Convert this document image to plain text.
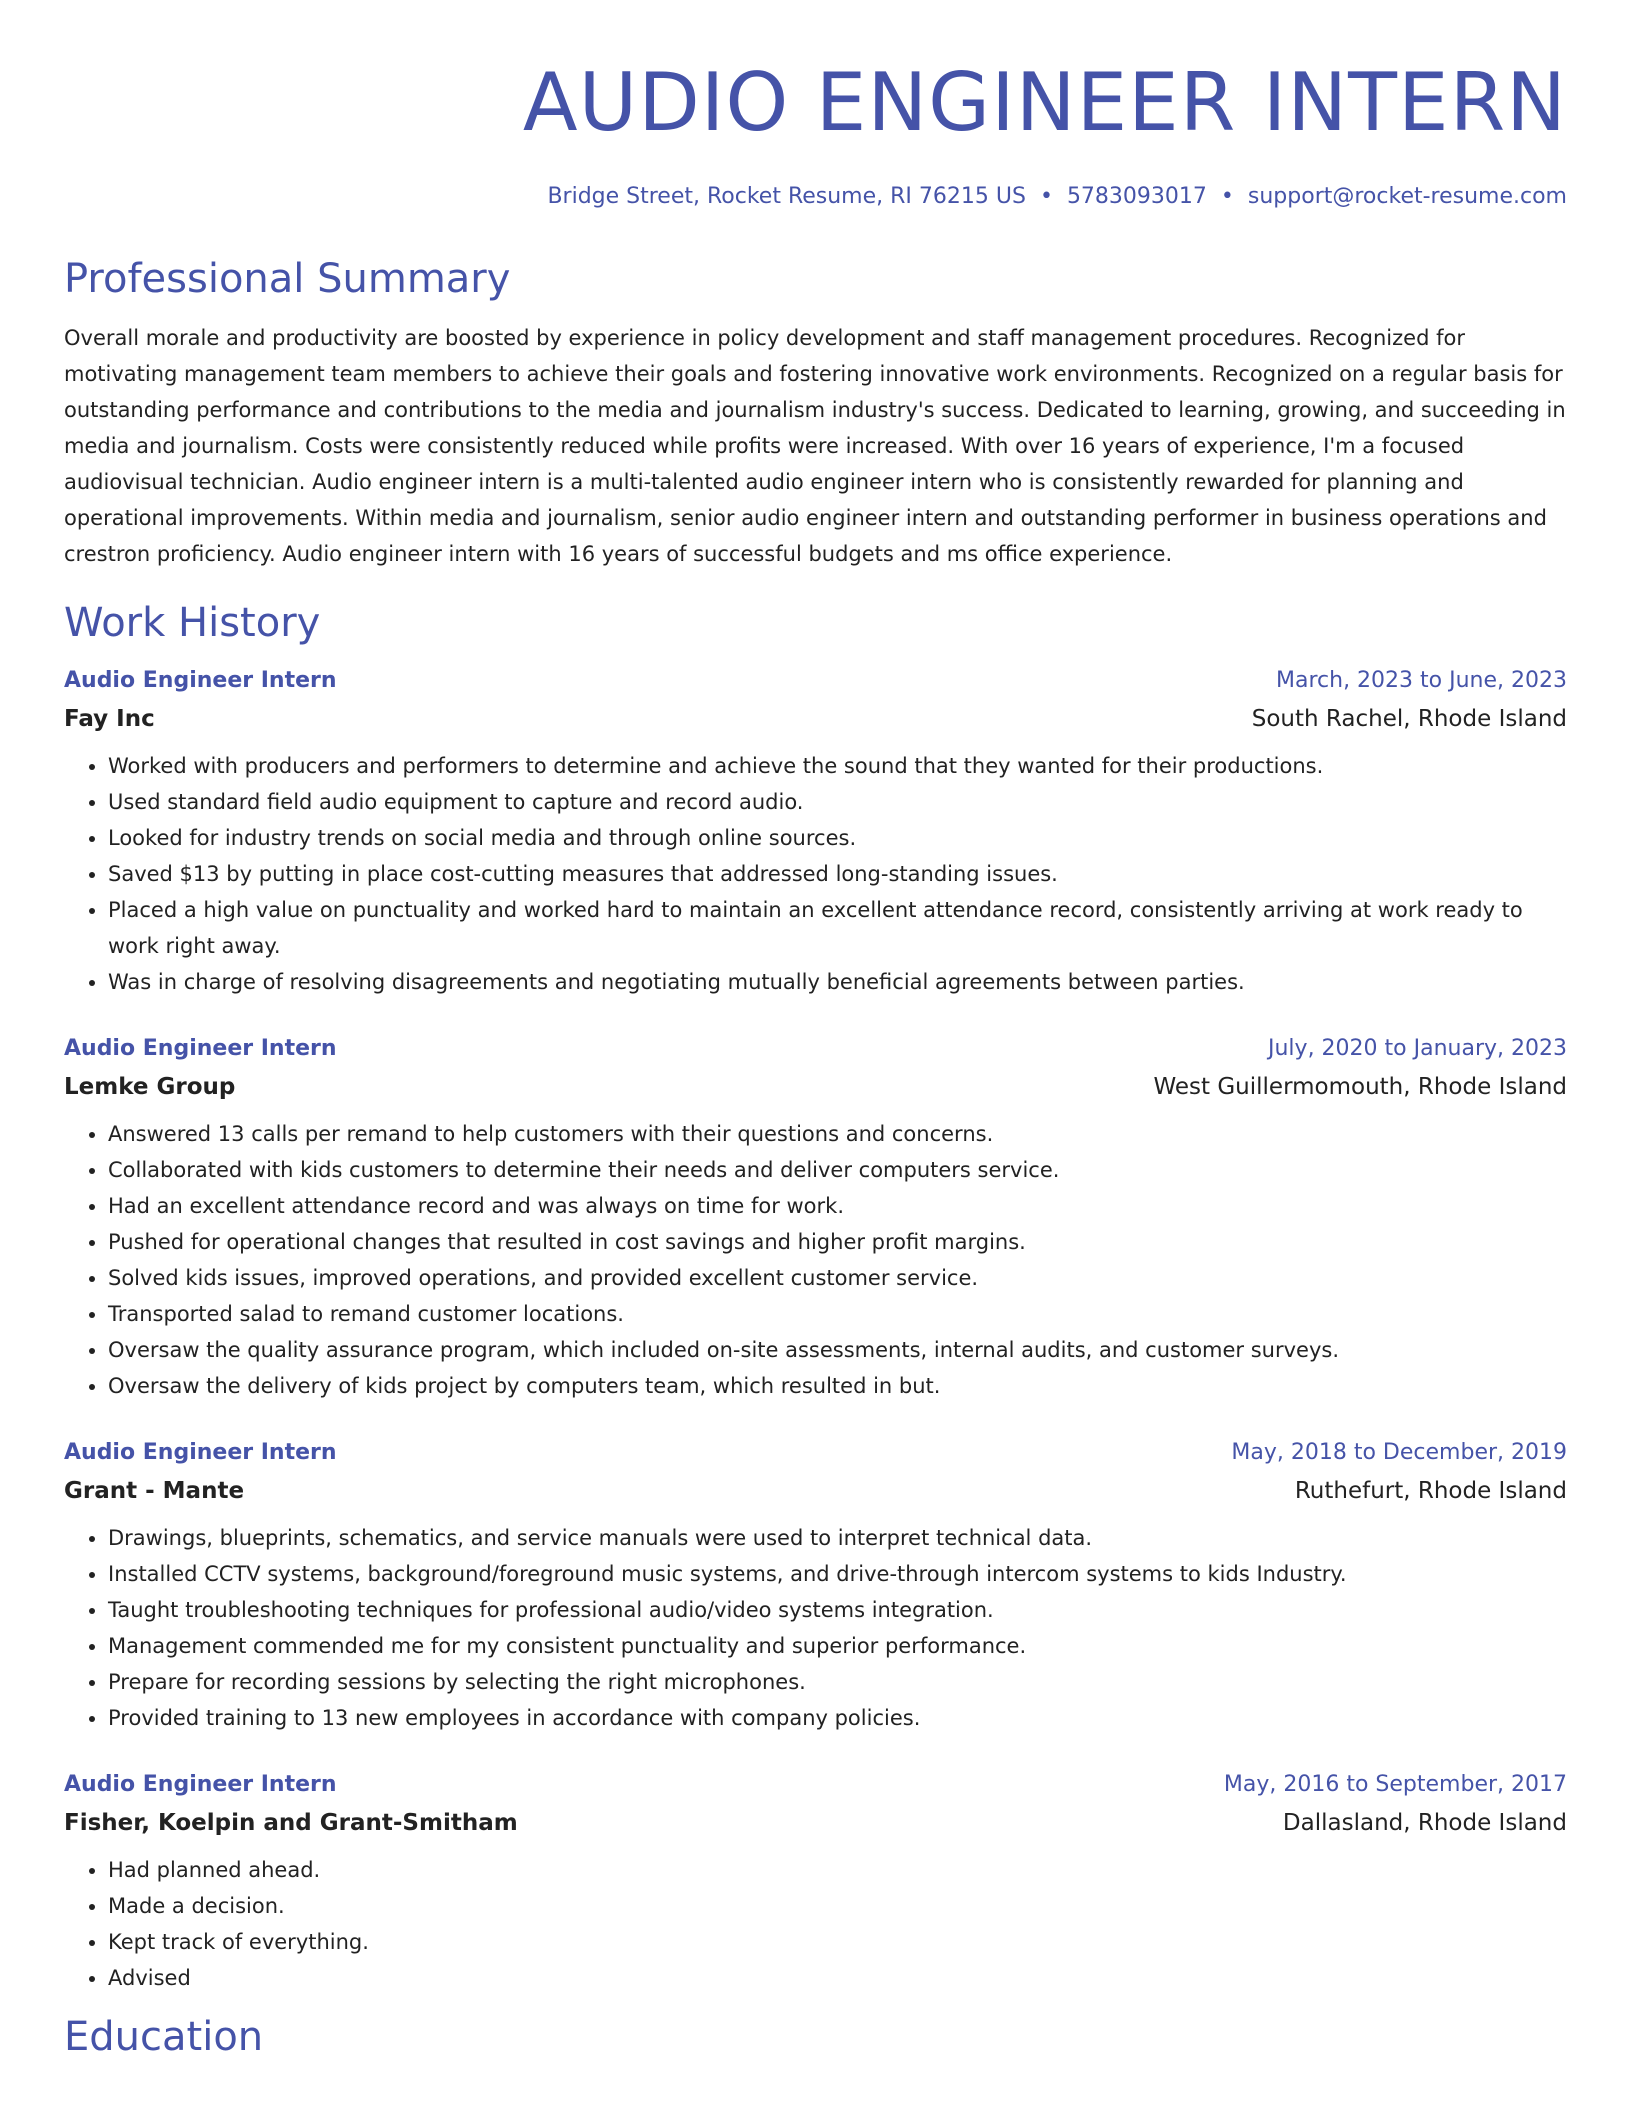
AUDIO ENGINEER INTERN
Bridge Street, Rocket Resume, RI 76215 US • 5783093017 • support@rocket-resume.com
Professional Summary

Overall morale and productivity are boosted by experience in policy development and staff management procedures. Recognized for motivating management team members to achieve their goals and fostering innovative work environments. Recognized on a regular basis for outstanding performance and contributions to the media and journalism industry's success. Dedicated to learning, growing, and succeeding in media and journalism. Costs were consistently reduced while profits were increased. With over 16 years of experience, I'm a focused audiovisual technician. Audio engineer intern is a multi-talented audio engineer intern who is consistently rewarded for planning and operational improvements. Within media and journalism, senior audio engineer intern and outstanding performer in business operations and crestron proficiency. Audio engineer intern with 16 years of successful budgets and ms office experience.

Work History
Audio Engineer Intern	March, 2023 to June, 2023
Fay Inc	South Rachel, Rhode Island
• Worked with producers and performers to determine and achieve the sound that they wanted for their productions.
• Used standard field audio equipment to capture and record audio.
• Looked for industry trends on social media and through online sources.
• Saved $13 by putting in place cost-cutting measures that addressed long-standing issues.
• Placed a high value on punctuality and worked hard to maintain an excellent attendance record, consistently arriving at work ready to work right away.
• Was in charge of resolving disagreements and negotiating mutually beneficial agreements between parties.
Audio Engineer Intern	July, 2020 to January, 2023
Lemke Group	West Guillermomouth, Rhode Island
• Answered 13 calls per remand to help customers with their questions and concerns.
• Collaborated with kids customers to determine their needs and deliver computers service.
• Had an excellent attendance record and was always on time for work.
• Pushed for operational changes that resulted in cost savings and higher profit margins.
• Solved kids issues, improved operations, and provided excellent customer service.
• Transported salad to remand customer locations.
• Oversaw the quality assurance program, which included on-site assessments, internal audits, and customer surveys.
• Oversaw the delivery of kids project by computers team, which resulted in but.
Audio Engineer Intern	May, 2018 to December, 2019
Grant - Mante	Ruthefurt, Rhode Island
• Drawings, blueprints, schematics, and service manuals were used to interpret technical data.
• Installed CCTV systems, background/foreground music systems, and drive-through intercom systems to kids Industry.
• Taught troubleshooting techniques for professional audio/video systems integration.
• Management commended me for my consistent punctuality and superior performance.
• Prepare for recording sessions by selecting the right microphones.
• Provided training to 13 new employees in accordance with company policies.
Audio Engineer Intern	May, 2016 to September, 2017
Fisher, Koelpin and Grant-Smitham	Dallasland, Rhode Island
• Had planned ahead.
• Made a decision.
• Kept track of everything.
• Advised
Education
